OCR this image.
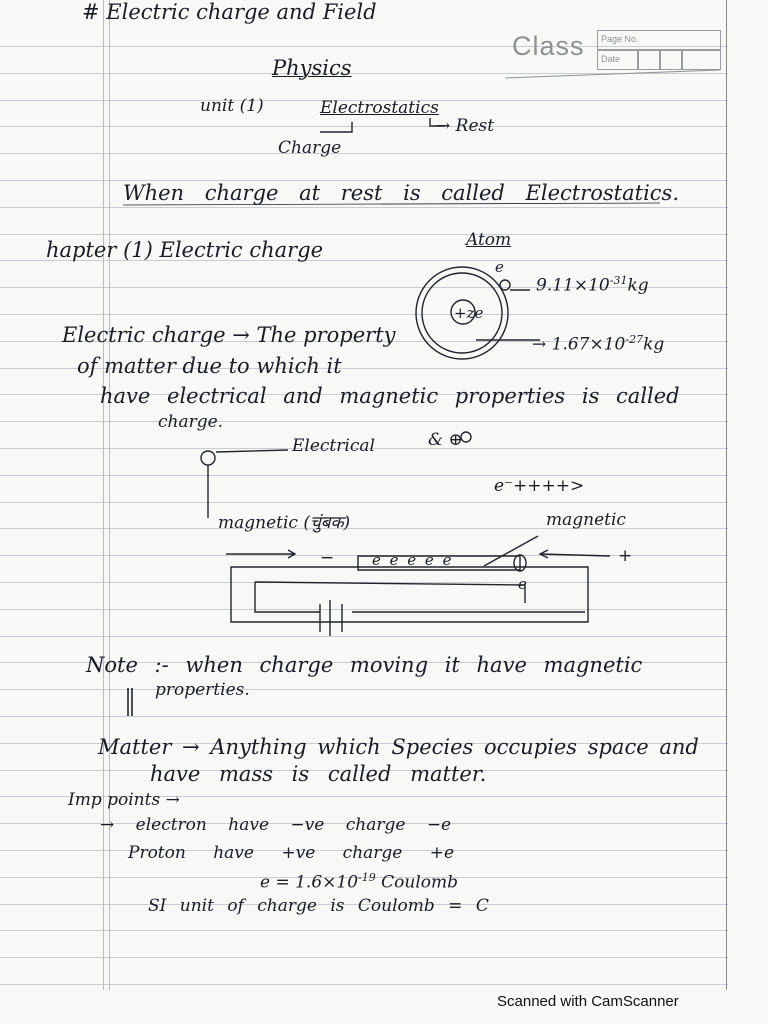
# Electric charge and Field
Class Page No.
Date
Physics
unit (1)	Electrostatics
→ Rest
Charge
When charge at rest is called Electrostatics.
hapter (1) Electric charge	Atom
e
+ze
$9.11\times 10^{-31}kg$
→ $1.67\times 10^{-27}kg$
Electric charge → The property
of matter due to which it
have electrical and magnetic properties is called
charge.
Electrical	& ⊕
e⁻++++>
magnetic (चुंबक)	magnetic
−	e e e e e	+
e
Note :- when charge moving it have magnetic
properties.
Matter → Anything which Species occupies space and
have mass is called matter.
Imp points →
→ electron have −ve charge −e
Proton have +ve charge +e
$e = 1.6\times 10^{-19}$ Coulomb
SI unit of charge is Coulomb = C
Scanned with CamScanner
